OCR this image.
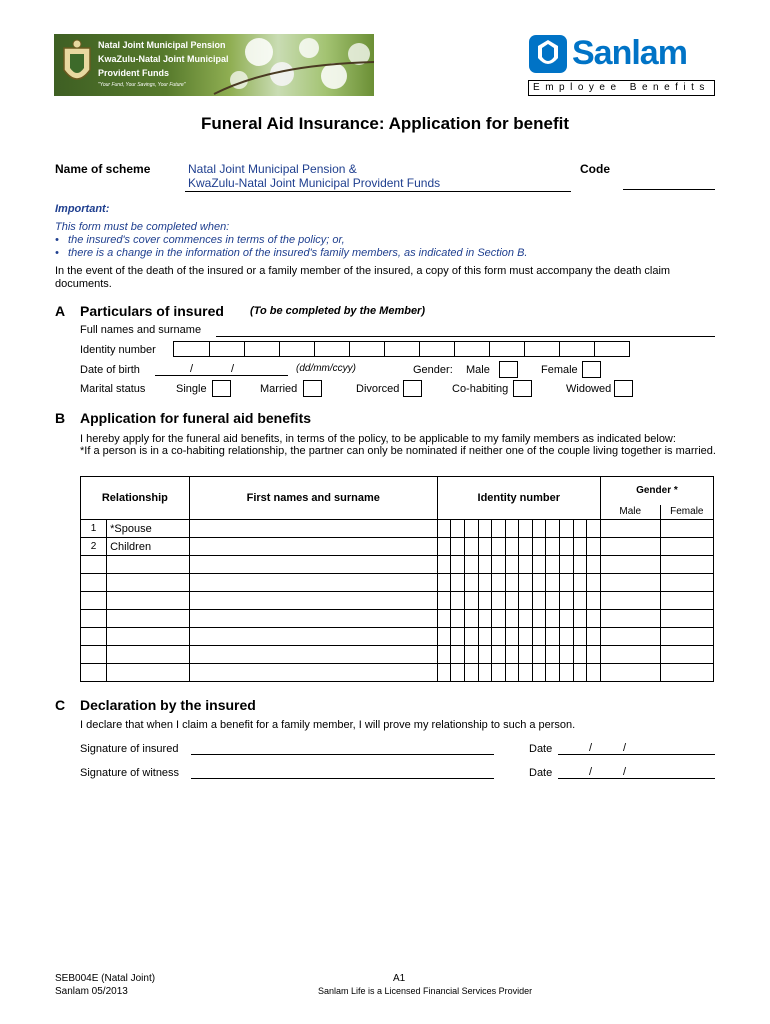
Natal Joint Municipal Pension
KwaZulu-Natal Joint Municipal
Provident Funds
"Your Fund, Your Savings, Your Future"
Sanlam
Employee Benefits
Funeral Aid Insurance: Application for benefit
Name of scheme	Natal Joint Municipal Pension &
KwaZulu-Natal Joint Municipal Provident Funds
Code
Important:
This form must be completed when:
•   the insured's cover commences in terms of the policy; or,
•   there is a change in the information of the insured's family members, as indicated in Section B.
In the event of the death of the insured or a family member of the insured, a copy of this form must accompany the death claim documents.
A Particulars of insured (To be completed by the Member)
Full names and surname
Identity number
Date of birth	/	/	(dd/mm/ccyy)	Gender: Male	Female
Marital status	Single	Married	Divorced	Co-habiting	Widowed
B Application for funeral aid benefits
I hereby apply for the funeral aid benefits, in terms of the policy, to be applicable to my family members as indicated below:
*If a person is in a co-habiting relationship, the partner can only be nominated if neither one of the couple living together is married.
Relationship		First names and surname	Identity number												Gender *	
															Male	Female
1	*Spouse															
2	Children															

C Declaration by the insured
I declare that when I claim a benefit for a family member, I will prove my relationship to such a person.
Signature of insured	Date	/	/
Signature of witness	Date	/	/
SEB004E (Natal Joint)
Sanlam 05/2013
A1
Sanlam Life is a Licensed Financial Services Provider
